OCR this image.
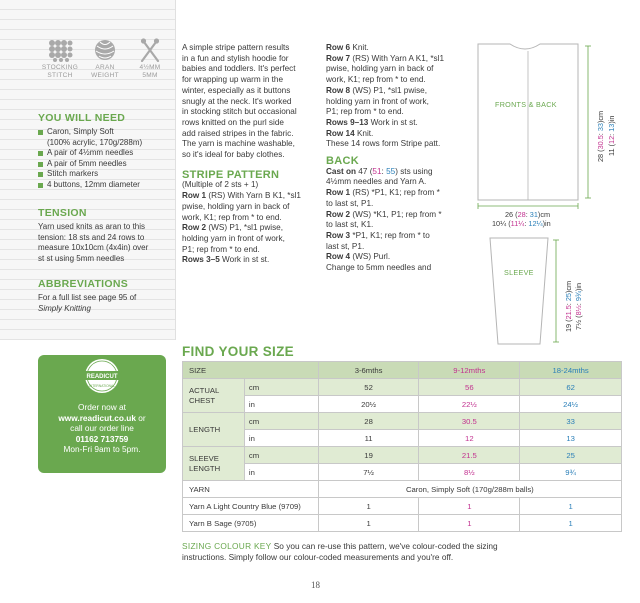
STOCKING
STITCH
ARAN
WEIGHT
4½MM
5MM
YOU WILL NEED
Caron, Simply Soft
(100% acrylic, 170g/288m)
A pair of 4½mm needles
A pair of 5mm needles
Stitch markers
4 buttons, 12mm diameter
TENSION
Yarn used knits as aran to this
tension: 18 sts and 24 rows to
measure 10x10cm (4x4in) over
st st using 5mm needles
ABBREVIATIONS
For a full list see page 95 of
Simply Knitting
READICUT
INTERNATIONAL
Order now at
www.readicut.co.uk or
call our order line
01162 713759
Mon-Fri 9am to 5pm.
A simple stripe pattern results
in a fun and stylish hoodie for
babies and toddlers. It's perfect
for wrapping up warm in the
winter, especially as it buttons
snugly at the neck. It's worked
in stocking stitch but occasional
rows knitted on the purl side
add raised stripes in the fabric.
The yarn is machine washable,
so it's ideal for baby clothes.
STRIPE PATTERN
(Multiple of 2 sts + 1)
Row 1 (RS) With Yarn B K1, *sl1
pwise, holding yarn in back of
work, K1; rep from * to end.
Row 2 (WS) P1, *sl1 pwise,
holding yarn in front of work,
P1; rep from * to end.
Rows 3–5 Work in st st.
Row 6 Knit.
Row 7 (RS) With Yarn A K1, *sl1
pwise, holding yarn in back of
work, K1; rep from * to end.
Row 8 (WS) P1, *sl1 pwise,
holding yarn in front of work,
P1; rep from * to end.
Rows 9–13 Work in st st.
Row 14 Knit.
These 14 rows form Stripe patt.
BACK
Cast on 47 (51: 55) sts using
4½mm needles and Yarn A.
Row 1 (RS) *P1, K1; rep from *
to last st, P1.
Row 2 (WS) *K1, P1; rep from *
to last st, K1.
Row 3 *P1, K1; rep from * to
last st, P1.
Row 4 (WS) Purl.
Change to 5mm needles and
FRONTS & BACK
SLEEVE
28 (30.5: 33)cm
11 (12: 13)in
26 (28: 31)cm
10¼ (11¼: 12¼)in
19 (21.5: 25)cm
7½ (8½: 9¾)in
FIND YOUR SIZE
SIZE		3-6mths	9-12mths	18-24mths

ACTUAL
CHEST	cm	52	56	62
	in	20½	22½	24½
LENGTH	cm	28	30.5	33
	in	11	12	13

SLEEVE
LENGTH	cm	19	21.5	25
	in	7½	8½	9¾
YARN		Caron, Simply Soft (170g/288m balls)		
Yarn A Light Country Blue (9709)		1	1	1
Yarn B Sage (9705)		1	1	1
SIZING COLOUR KEY So you can re-use this pattern, we've colour-coded the sizing
instructions. Simply follow our colour-coded measurements and you're off.
18
